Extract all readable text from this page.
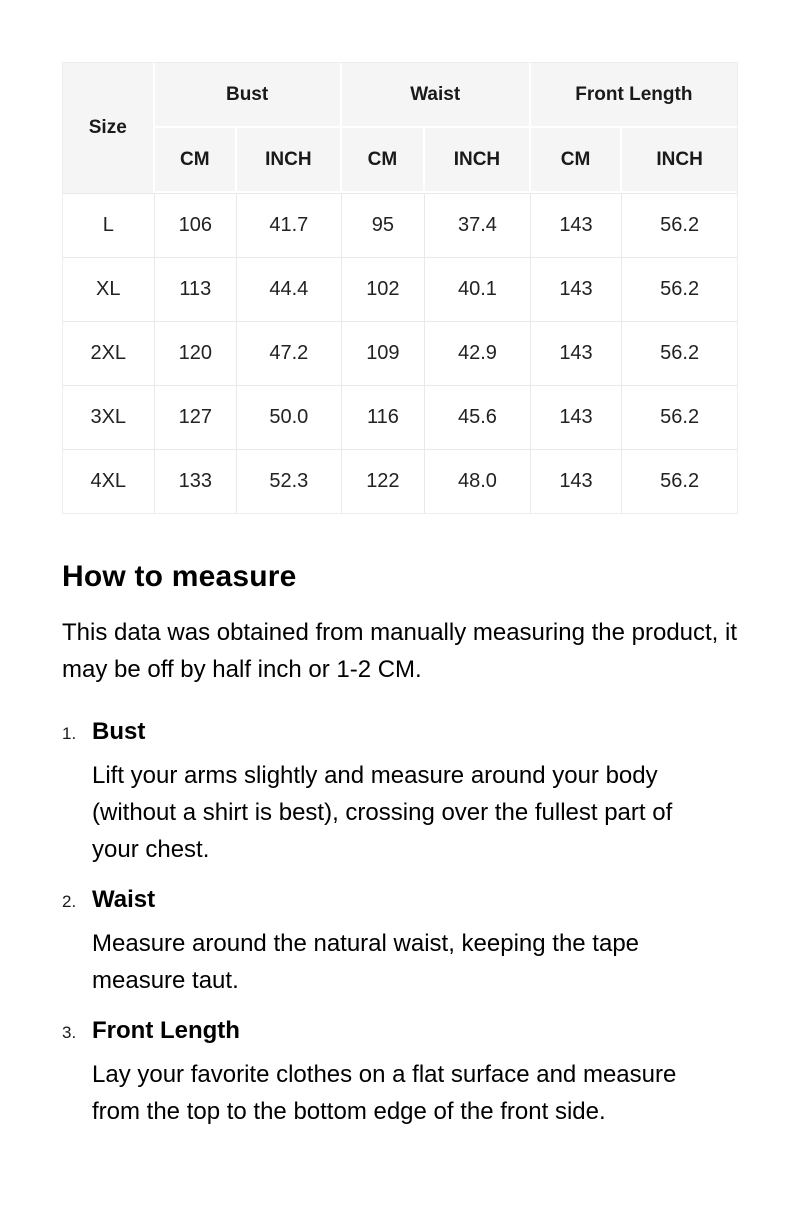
Size	Bust		Waist		Front Length	
	CM	INCH	CM	INCH	CM	INCH
L	106	41.7	95	37.4	143	56.2
XL	113	44.4	102	40.1	143	56.2
2XL	120	47.2	109	42.9	143	56.2
3XL	127	50.0	116	45.6	143	56.2
4XL	133	52.3	122	48.0	143	56.2
How to measure

This data was obtained from manually measuring the product, it may be off by half inch or 1-2 CM.

1. Bust

Lift your arms slightly and measure around your body (without a shirt is best), crossing over the fullest part of your chest.

2. Waist

Measure around the natural waist, keeping the tape measure taut.

3. Front Length

Lay your favorite clothes on a flat surface and measure from the top to the bottom edge of the front side.
